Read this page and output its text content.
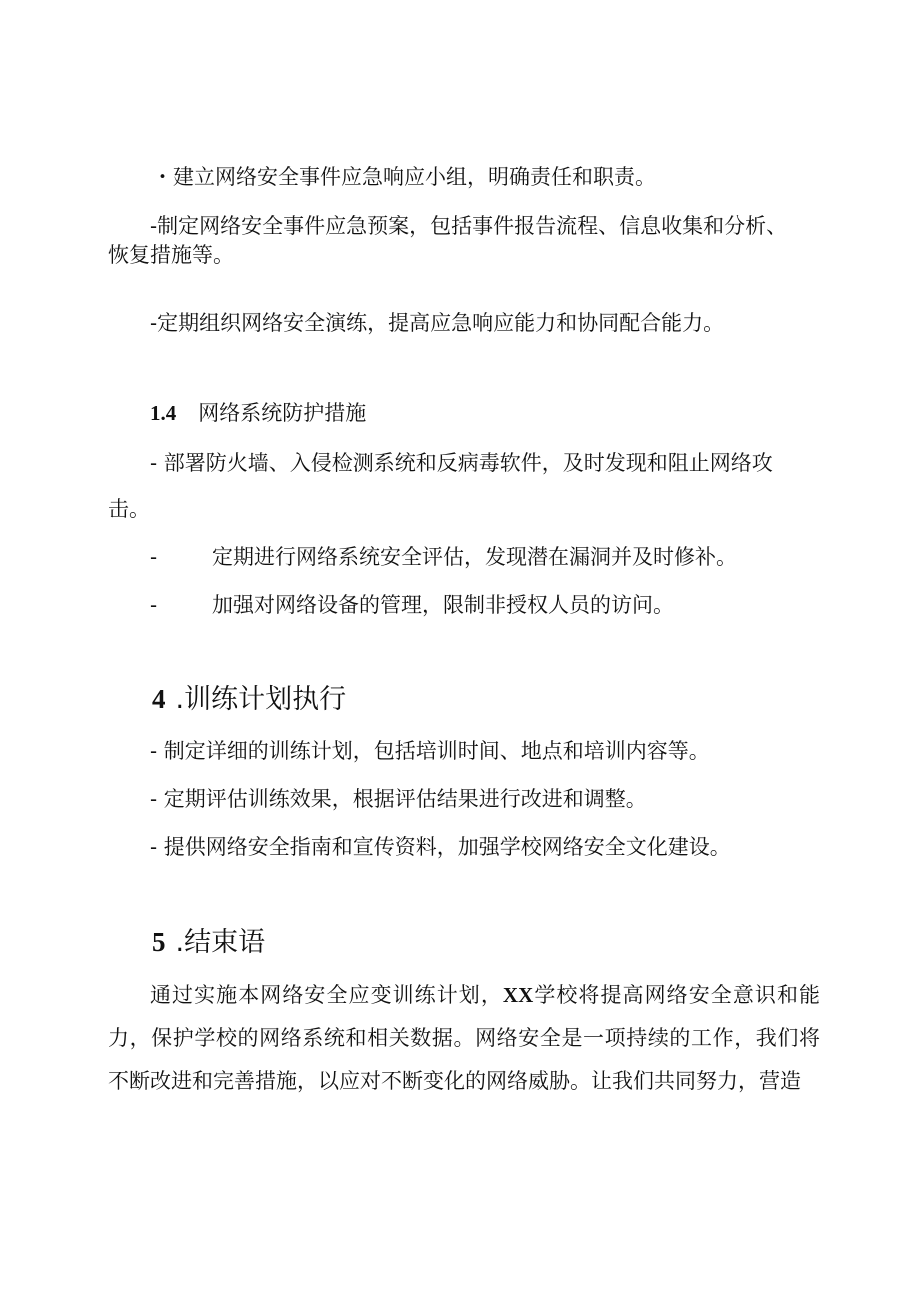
・建立网络安全事件应急响应小组，明确责任和职责。
-制定网络安全事件应急预案，包括事件报告流程、信息收集和分析、
恢复措施等。
-定期组织网络安全演练，提高应急响应能力和协同配合能力。
1.4 网络系统防护措施
- 部署防火墙、入侵检测系统和反病毒软件，及时发现和阻止网络攻
击。
-	定期进行网络系统安全评估，发现潜在漏洞并及时修补。
-	加强对网络设备的管理，限制非授权人员的访问。
4 .训练计划执行
- 制定详细的训练计划，包括培训时间、地点和培训内容等。
- 定期评估训练效果，根据评估结果进行改进和调整。
- 提供网络安全指南和宣传资料，加强学校网络安全文化建设。
5 .结束语
通过实施本网络安全应变训练计划，XX学校将提高网络安全意识和能力，保护学校的网络系统和相关数据。网络安全是一项持续的工作，我们将不断改进和完善措施，以应对不断变化的网络威胁。让我们共同努力，营造
